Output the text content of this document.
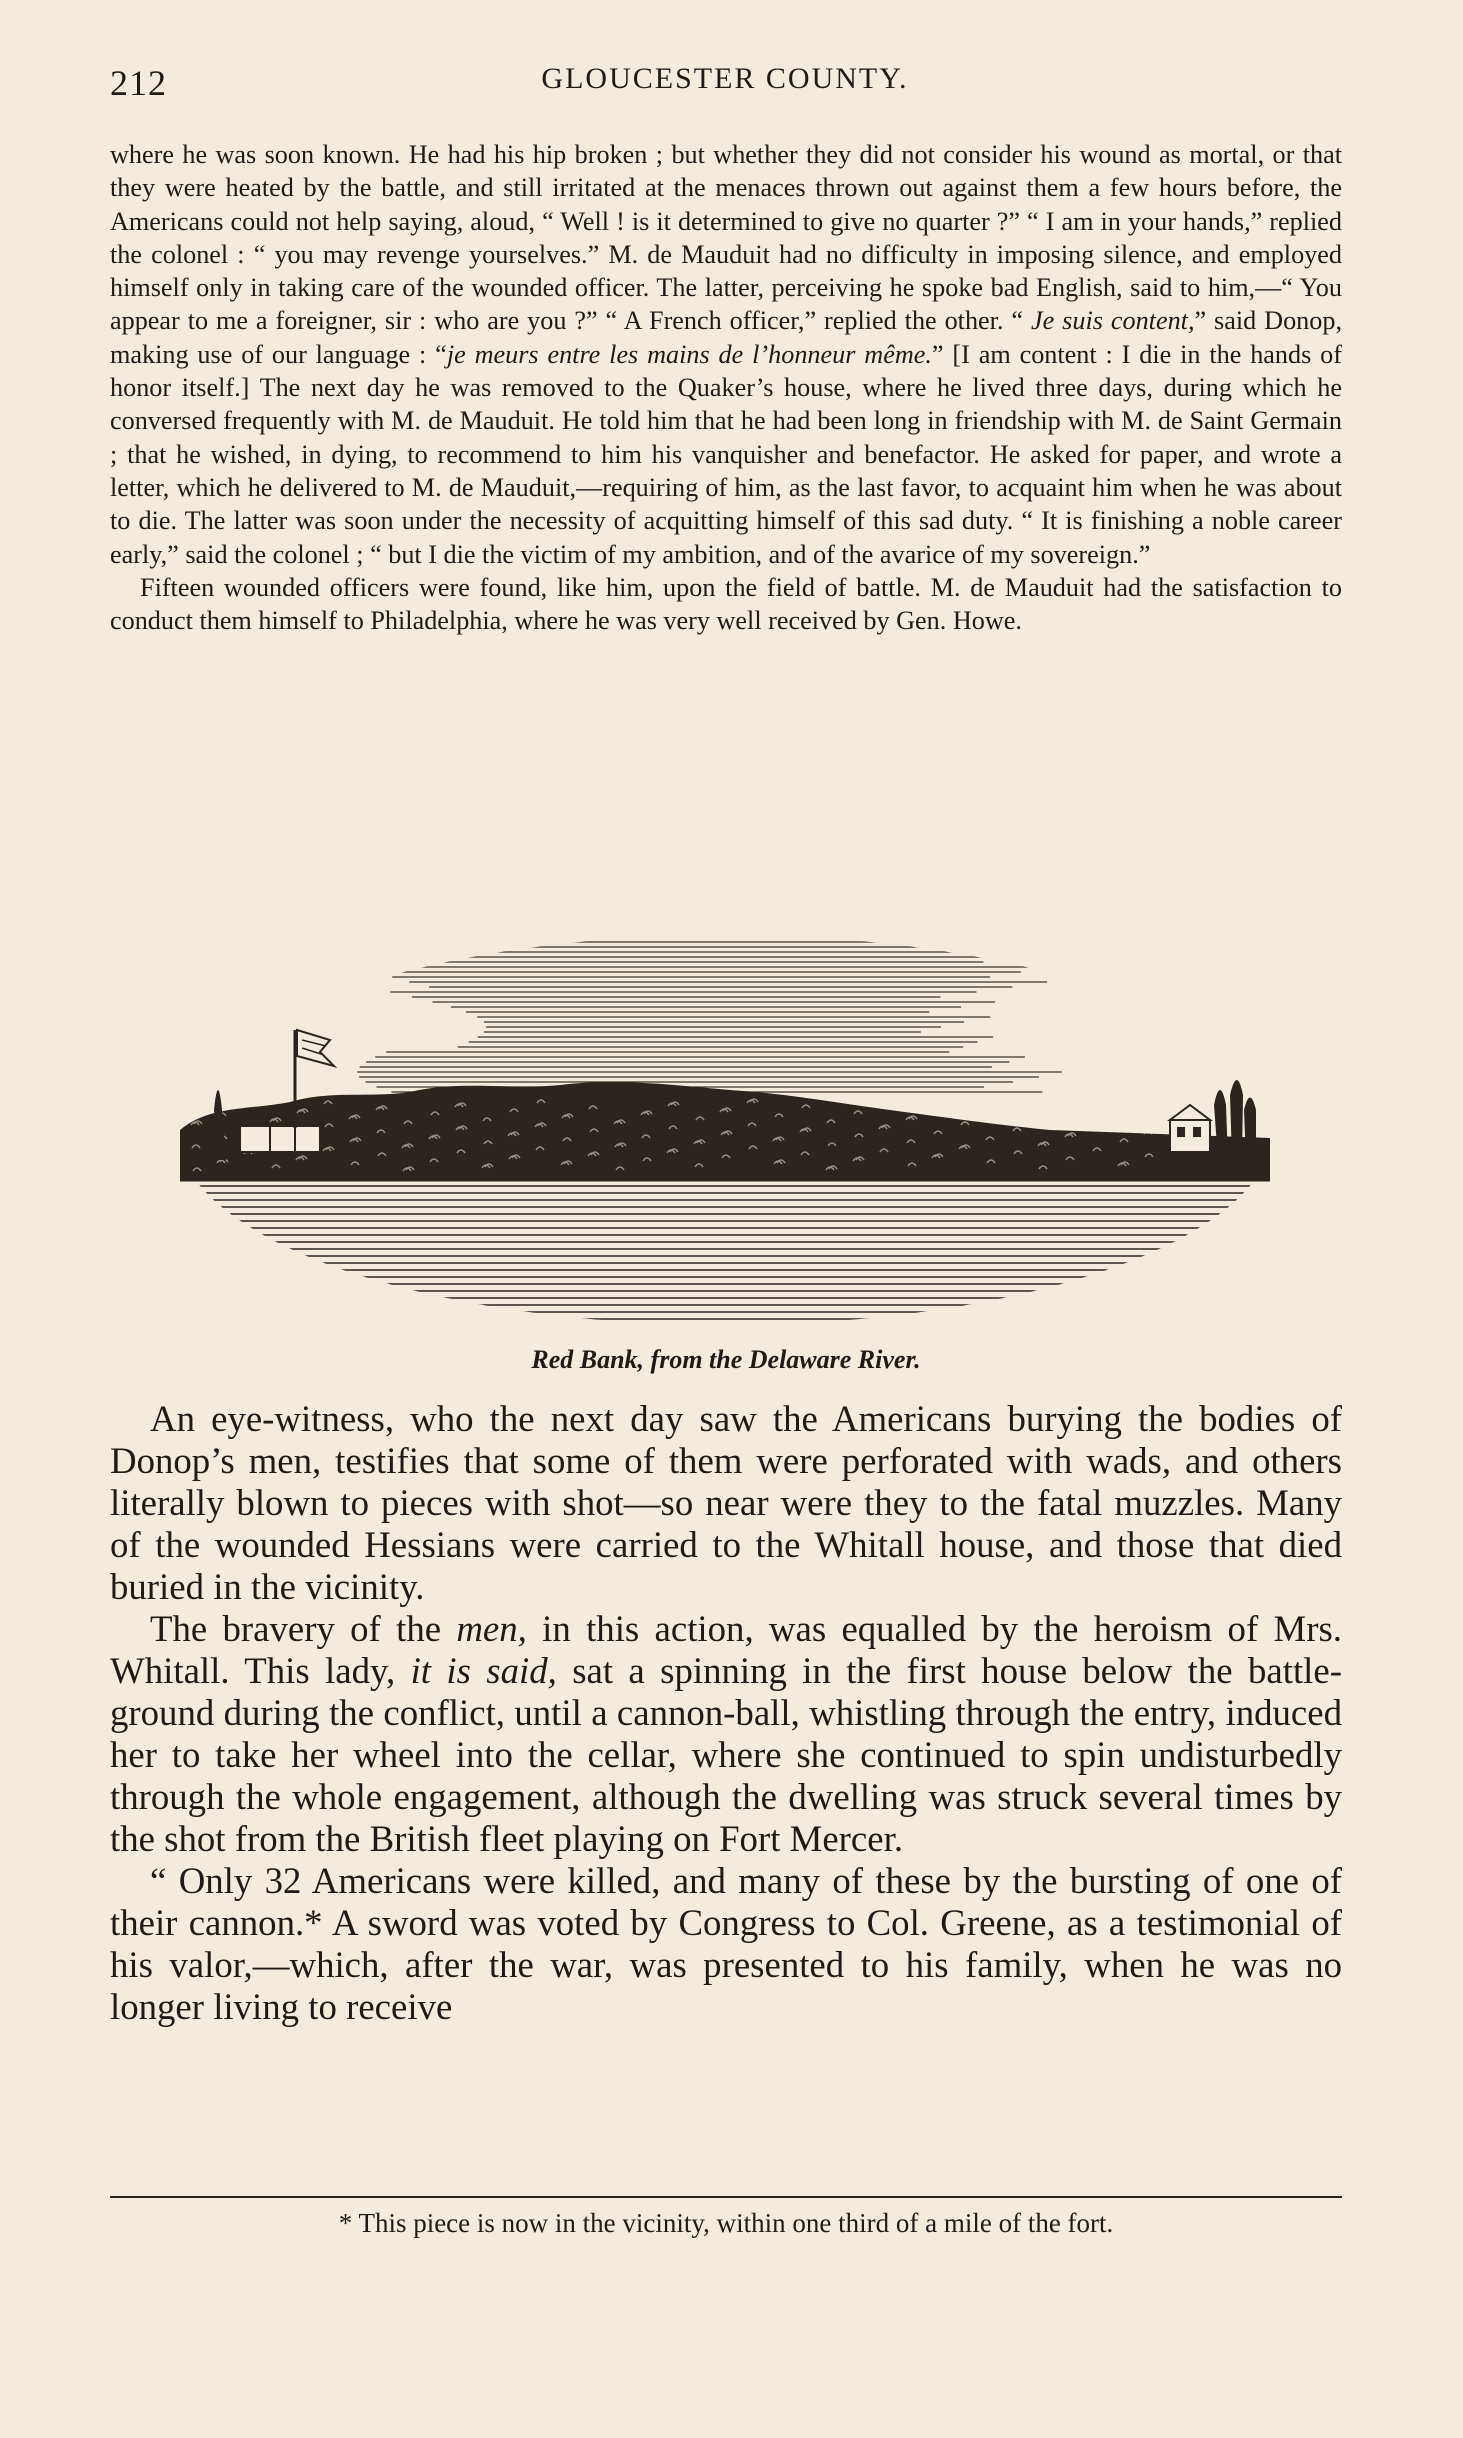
212	GLOUCESTER COUNTY.

where he was soon known. He had his hip broken ; but whether they did not consider his wound as mortal, or that they were heated by the battle, and still irritated at the menaces thrown out against them a few hours before, the Americans could not help saying, aloud, “ Well ! is it determined to give no quarter ?” “ I am in your hands,” replied the colonel : “ you may revenge yourselves.” M. de Mauduit had no difficulty in imposing silence, and employed himself only in taking care of the wounded officer. The latter, perceiving he spoke bad English, said to him,—“ You appear to me a foreigner, sir : who are you ?” “ A French officer,” replied the other. “ Je suis content,” said Donop, making use of our language : “je meurs entre les mains de l’honneur même.” [I am content : I die in the hands of honor itself.] The next day he was removed to the Quaker’s house, where he lived three days, during which he conversed frequently with M. de Mauduit. He told him that he had been long in friendship with M. de Saint Germain ; that he wished, in dying, to recommend to him his vanquisher and benefactor. He asked for paper, and wrote a letter, which he delivered to M. de Mauduit,—requiring of him, as the last favor, to acquaint him when he was about to die. The latter was soon under the necessity of acquitting himself of this sad duty. “ It is finishing a noble career early,” said the colonel ; “ but I die the victim of my ambition, and of the avarice of my sovereign.”

Fifteen wounded officers were found, like him, upon the field of battle. M. de Mauduit had the satisfaction to conduct them himself to Philadelphia, where he was very well received by Gen. Howe.

Red Bank, from the Delaware River.

An eye-witness, who the next day saw the Americans burying the bodies of Donop’s men, testifies that some of them were perforated with wads, and others literally blown to pieces with shot—so near were they to the fatal muzzles. Many of the wounded Hessians were carried to the Whitall house, and those that died buried in the vicinity.

The bravery of the men, in this action, was equalled by the heroism of Mrs. Whitall. This lady, it is said, sat a spinning in the first house below the battle-ground during the conflict, until a cannon-ball, whistling through the entry, induced her to take her wheel into the cellar, where she continued to spin undisturbedly through the whole engagement, although the dwelling was struck several times by the shot from the British fleet playing on Fort Mercer.

“ Only 32 Americans were killed, and many of these by the bursting of one of their cannon.* A sword was voted by Congress to Col. Greene, as a testimonial of his valor,—which, after the war, was presented to his family, when he was no longer living to receive

* This piece is now in the vicinity, within one third of a mile of the fort.
